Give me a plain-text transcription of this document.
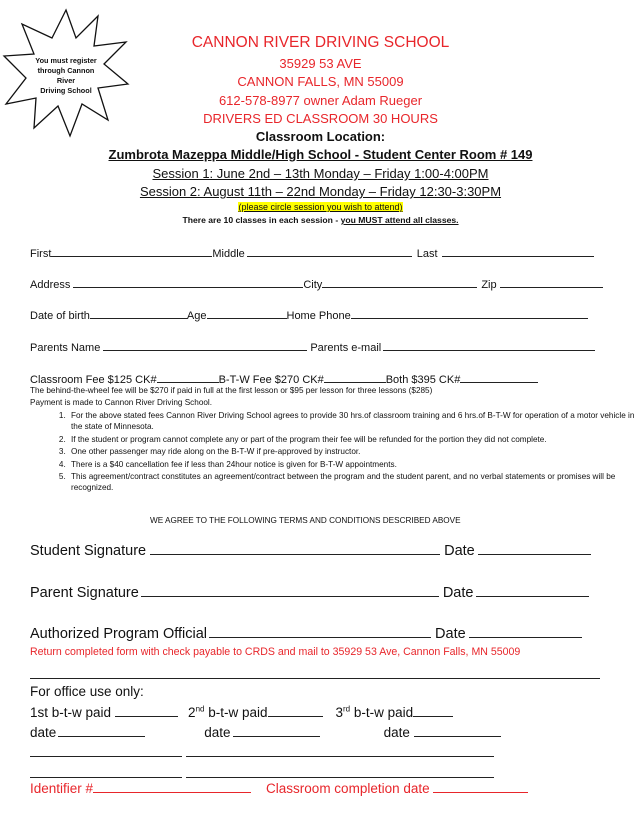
You must register
through Cannon
River
Driving School
CANNON RIVER DRIVING SCHOOL
35929 53 AVE
CANNON FALLS, MN 55009
612-578-8977 owner Adam Rueger
DRIVERS ED CLASSROOM 30 HOURS
Classroom Location:
Zumbrota Mazeppa Middle/High School - Student Center Room # 149
Session 1: June 2nd – 13th Monday – Friday 1:00-4:00PM
Session 2: August 11th – 22nd Monday – Friday 12:30-3:30PM
(please circle session you wish to attend)
There are 10 classes in each session - you MUST attend all classes.
First	Middle	Last
Address	City	Zip
Date of birth	Age	Home Phone
Parents Name	Parents e-mail
Classroom Fee $125 CK#	B-T-W Fee $270 CK#	Both $395 CK#
The behind-the-wheel fee will be $270 if paid in full at the first lesson or $95 per lesson for three lessons ($285)
Payment is made to Cannon River Driving School.
1. For the above stated fees Cannon River Driving School agrees to provide 30 hrs.of classroom training and 6 hrs.of B-T-W for operation of a motor vehicle in the state of Minnesota.
2. If the student or program cannot complete any or part of the program their fee will be refunded for the portion they did not complete.
3. One other passenger may ride along on the B-T-W if pre-approved by instructor.
4. There is a $40 cancellation fee if less than 24hour notice is given for B-T-W appointments.
5. This agreement/contract constitutes an agreement/contract between the program and the student parent, and no verbal statements or promises will be recognized.
WE AGREE TO THE FOLLOWING TERMS AND CONDITIONS DESCRIBED ABOVE
Student Signature	Date
Parent Signature	Date
Authorized Program Official	Date
Return completed form with check payable to CRDS and mail to 35929 53 Ave, Cannon Falls, MN 55009
For office use only:
1st b-t-w paid	2nd b-t-w paid	3rd b-t-w paid
date	date	date
Identifier #	Classroom completion date
